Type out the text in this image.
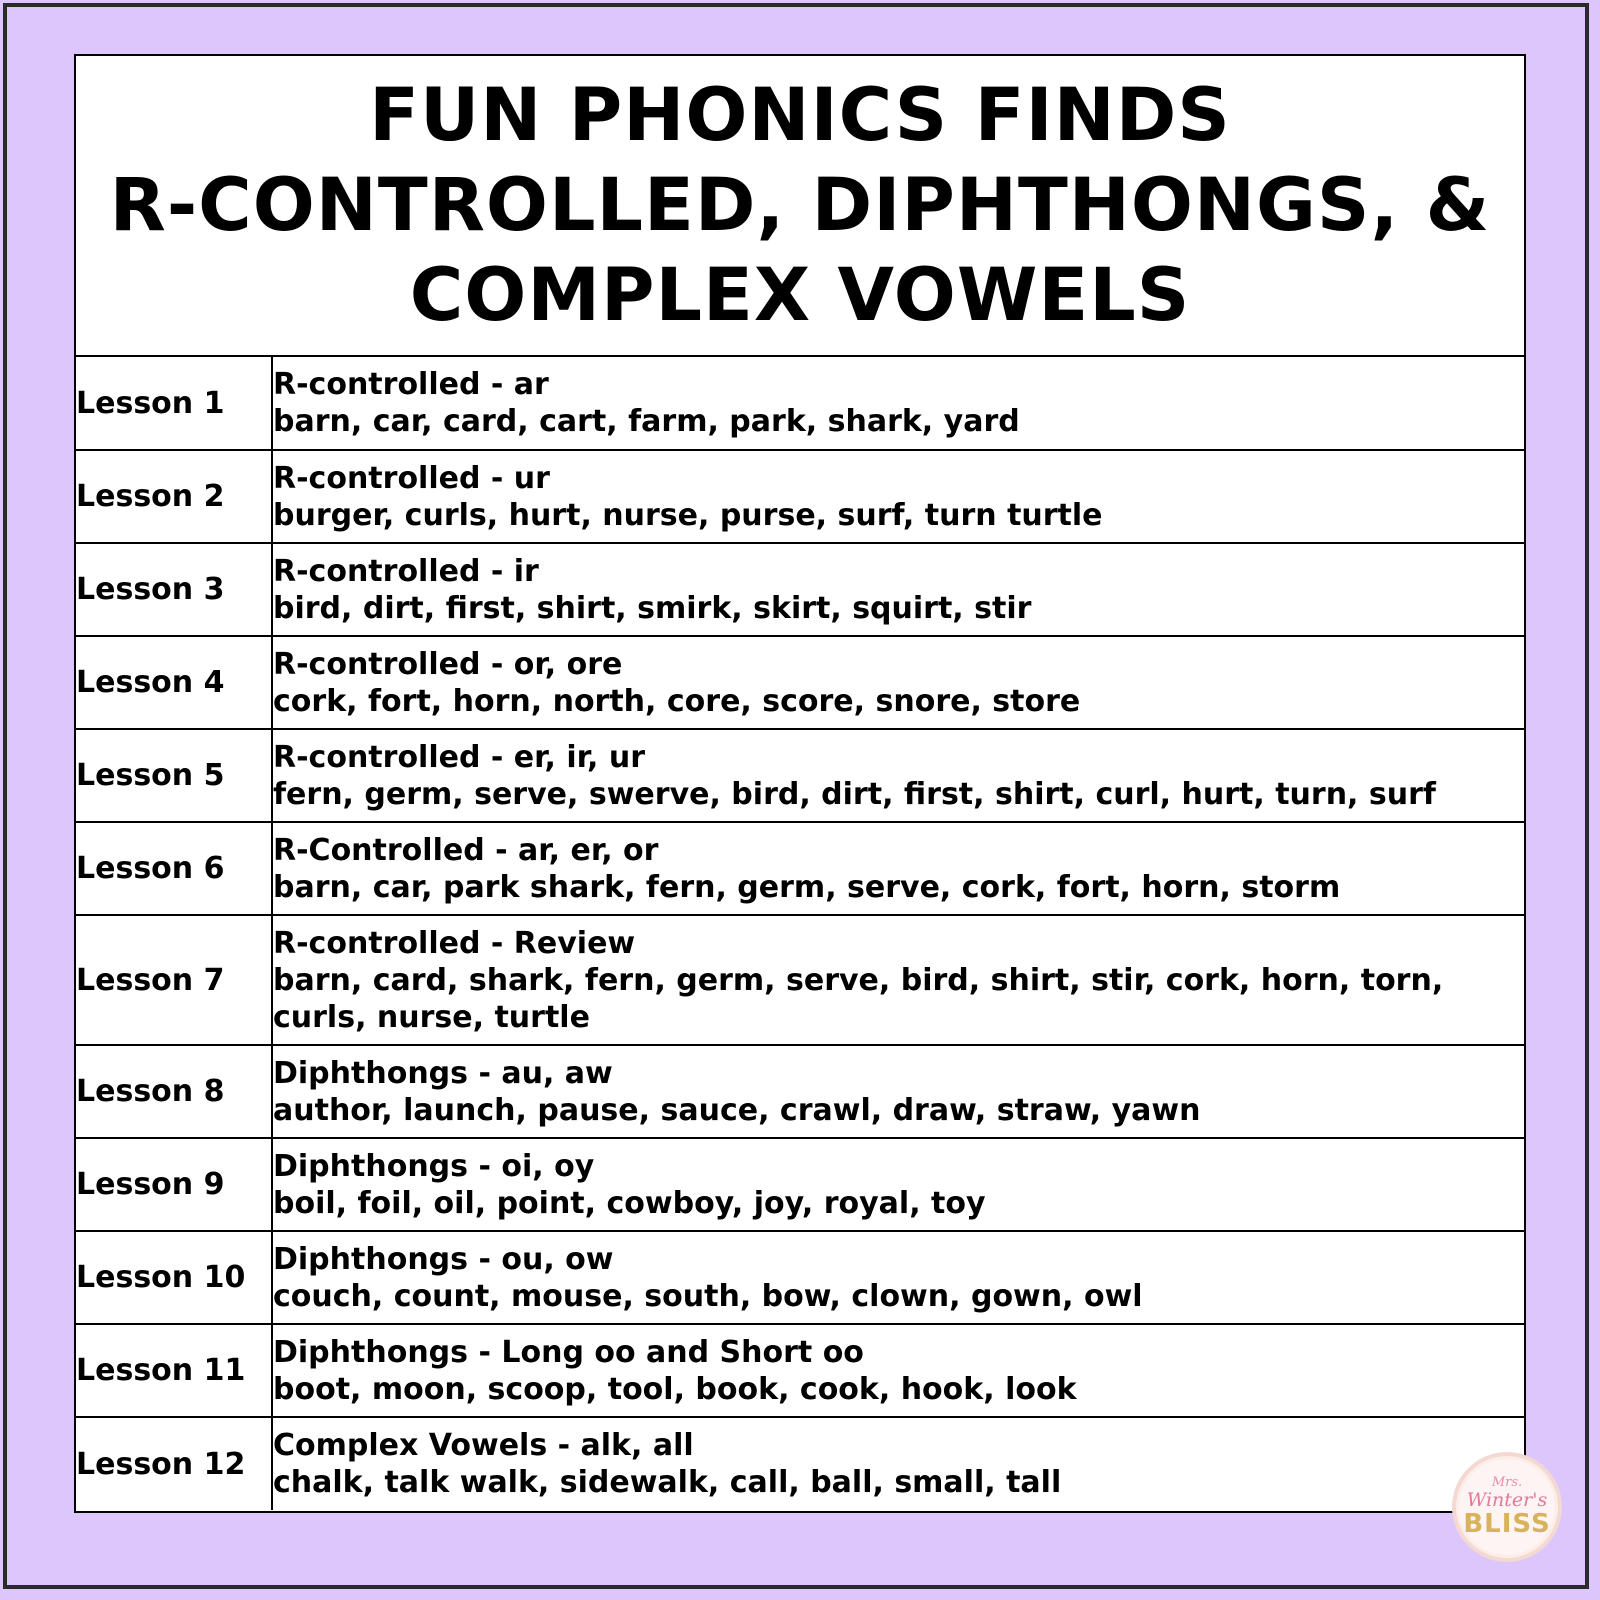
FUN PHONICS FINDS
R-CONTROLLED, DIPHTHONGS, &
COMPLEX VOWELS
Lesson 1	R-controlled - ar
barn, car, card, cart, farm, park, shark, yard

Lesson 2	R-controlled - ur
burger, curls, hurt, nurse, purse, surf, turn turtle

Lesson 3	R-controlled - ir
bird, dirt, first, shirt, smirk, skirt, squirt, stir

Lesson 4	R-controlled - or, ore
cork, fort, horn, north, core, score, snore, store

Lesson 5	R-controlled - er, ir, ur
fern, germ, serve, swerve, bird, dirt, first, shirt, curl, hurt, turn, surf

Lesson 6	R-Controlled - ar, er, or
barn, car, park shark, fern, germ, serve, cork, fort, horn, storm

Lesson 7	R-controlled - Review
barn, card, shark, fern, germ, serve, bird, shirt, stir, cork, horn, torn, curls, nurse, turtle

Lesson 8	Diphthongs - au, aw
author, launch, pause, sauce, crawl, draw, straw, yawn

Lesson 9	Diphthongs - oi, oy
boil, foil, oil, point, cowboy, joy, royal, toy

Lesson 10	Diphthongs - ou, ow
couch, count, mouse, south, bow, clown, gown, owl

Lesson 11	Diphthongs - Long oo and Short oo
boot, moon, scoop, tool, book, cook, hook, look

Lesson 12	Complex Vowels - alk, all
chalk, talk walk, sidewalk, call, ball, small, tall	Mrs.
Winter's
BLISS
